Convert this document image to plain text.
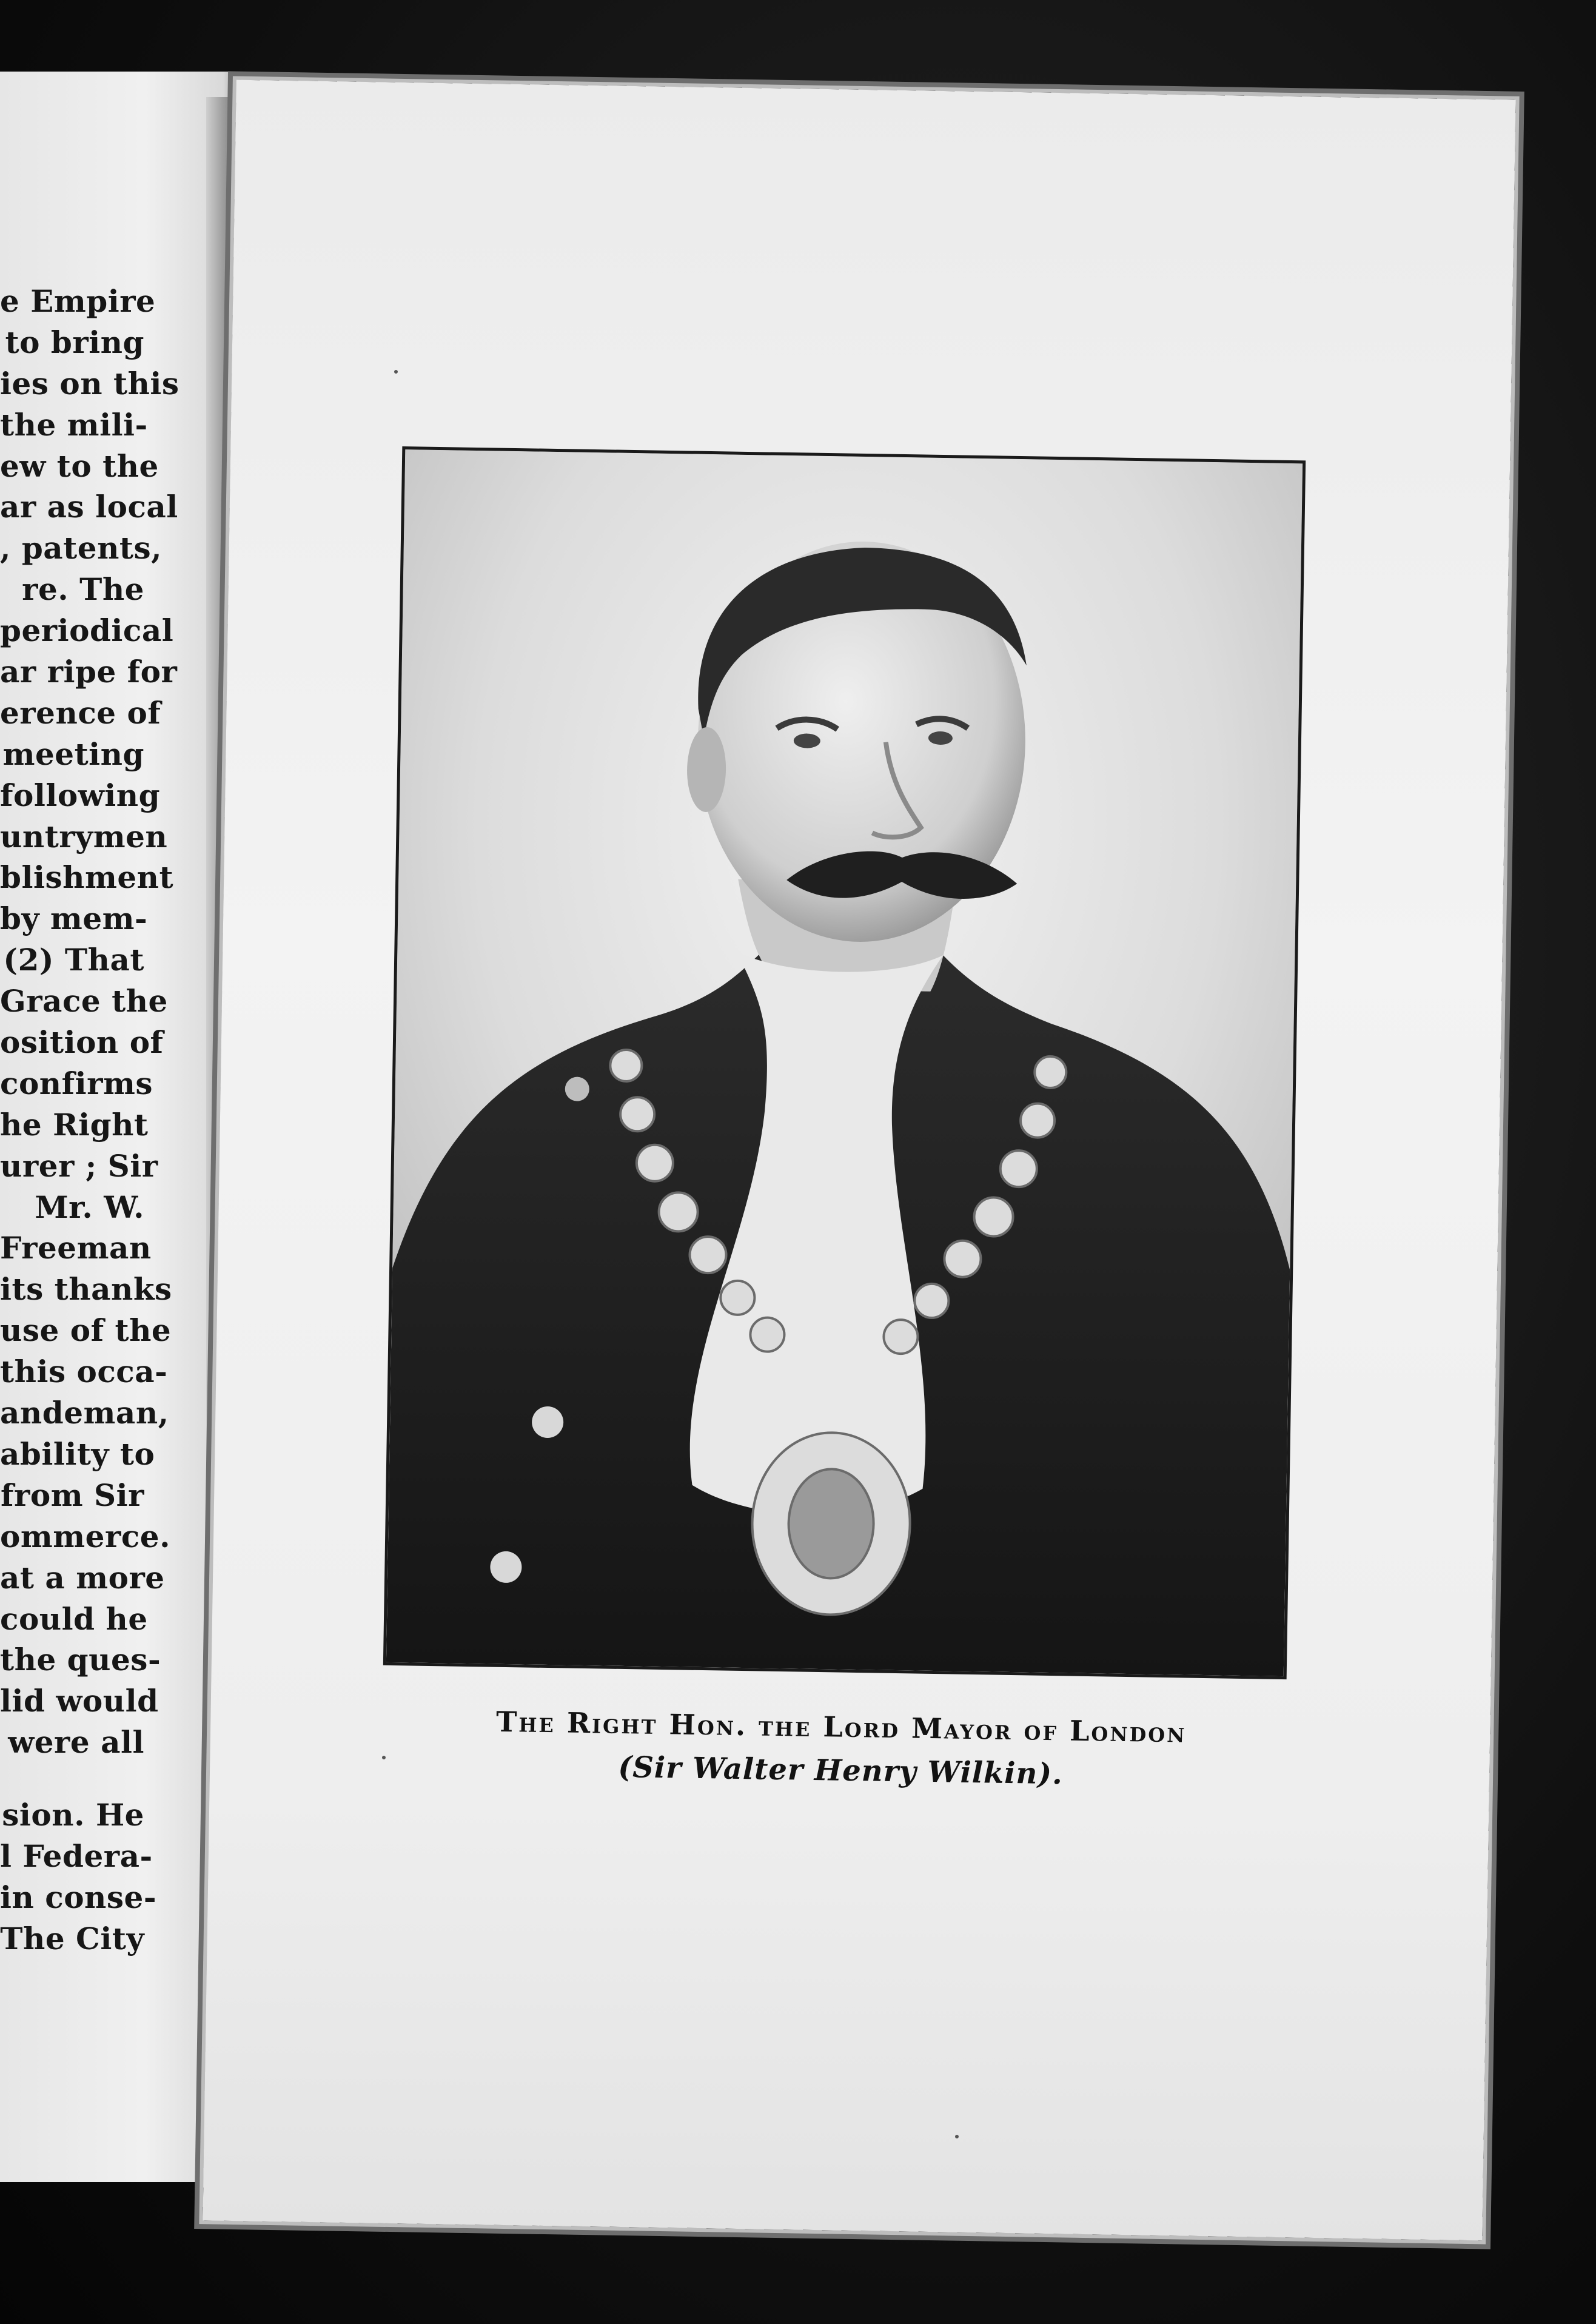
e Empire
to bring
ies on this
the mili-
ew to the
ar as local
, patents,
re. The
periodical
ar ripe for
erence of
meeting
following
untrymen
blishment
by mem-
(2) That
Grace the
osition of
confirms
he Right
urer ; Sir
Mr. W.
Freeman
its thanks
use of the
this occa-
andeman,
ability to
from Sir
ommerce.
at a more
could he
the ques-
lid would
were all
sion. He
l Federa-
in conse-
The City
The Right Hon. the Lord Mayor of London
(Sir Walter Henry Wilkin).
